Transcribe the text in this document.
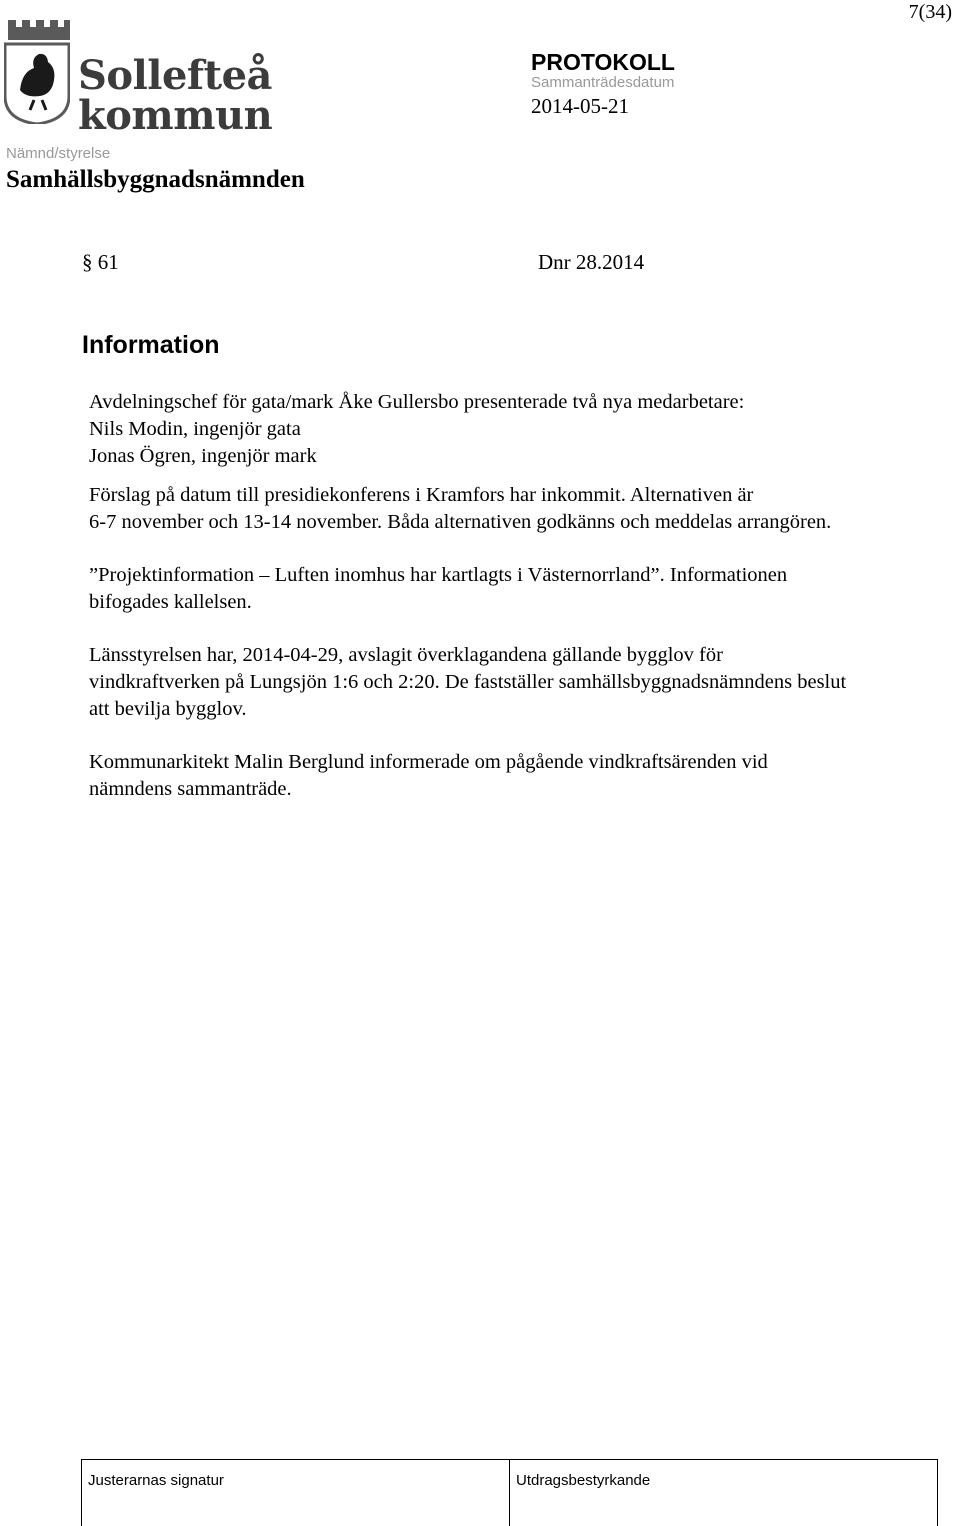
7(34)
Sollefteå
kommun
PROTOKOLL
Sammanträdesdatum
2014-05-21
Nämnd/styrelse
Samhällsbyggnadsnämnden
§ 61	Dnr 28.2014
Information

Avdelningschef för gata/mark Åke Gullersbo presenterade två nya medarbetare:
Nils Modin, ingenjör gata
Jonas Ögren, ingenjör mark

Förslag på datum till presidiekonferens i Kramfors har inkommit. Alternativen är
6-7 november och 13-14 november. Båda alternativen godkänns och meddelas arrangören.

”Projektinformation – Luften inomhus har kartlagts i Västernorrland”. Informationen
bifogades kallelsen.

Länsstyrelsen har, 2014-04-29, avslagit överklagandena gällande bygglov för
vindkraftverken på Lungsjön 1:6 och 2:20. De fastställer samhällsbyggnadsnämndens beslut
att bevilja bygglov.

Kommunarkitekt Malin Berglund informerade om pågående vindkraftsärenden vid
nämndens sammanträde.

Justerarnas signatur	Utdragsbestyrkande
